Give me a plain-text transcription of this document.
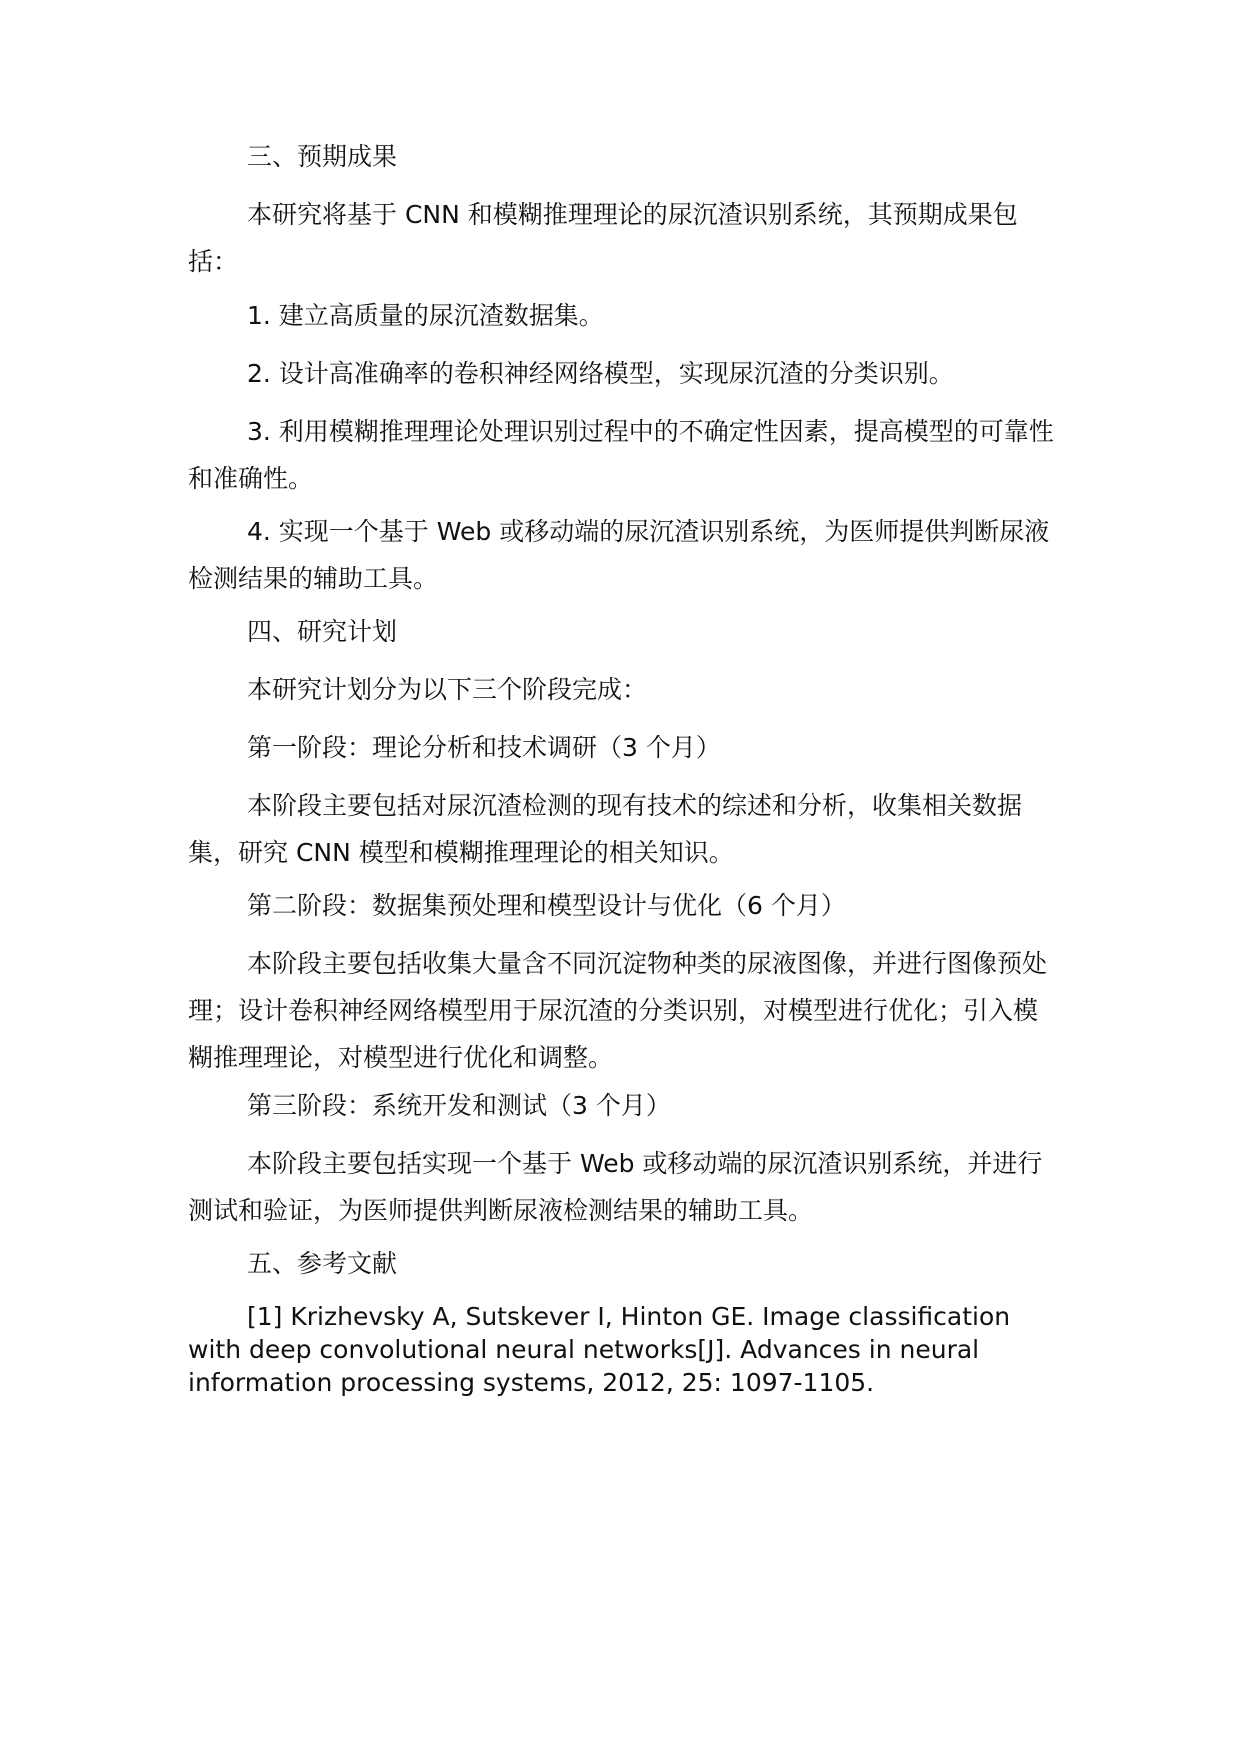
三、预期成果

本研究将基于 CNN 和模糊推理理论的尿沉渣识别系统，其预期成果包括：

1. 建立高质量的尿沉渣数据集。

2. 设计高准确率的卷积神经网络模型，实现尿沉渣的分类识别。

3. 利用模糊推理理论处理识别过程中的不确定性因素，提高模型的可靠性和准确性。

4. 实现一个基于 Web 或移动端的尿沉渣识别系统，为医师提供判断尿液检测结果的辅助工具。

四、研究计划

本研究计划分为以下三个阶段完成：

第一阶段：理论分析和技术调研（3 个月）

本阶段主要包括对尿沉渣检测的现有技术的综述和分析，收集相关数据集，研究 CNN 模型和模糊推理理论的相关知识。

第二阶段：数据集预处理和模型设计与优化（6 个月）

本阶段主要包括收集大量含不同沉淀物种类的尿液图像，并进行图像预处理；设计卷积神经网络模型用于尿沉渣的分类识别，对模型进行优化；引入模糊推理理论，对模型进行优化和调整。

第三阶段：系统开发和测试（3 个月）

本阶段主要包括实现一个基于 Web 或移动端的尿沉渣识别系统，并进行测试和验证，为医师提供判断尿液检测结果的辅助工具。

五、参考文献

[1] Krizhevsky A, Sutskever I, Hinton GE. Image classification with deep convolutional neural networks[J]. Advances in neural information processing systems, 2012, 25: 1097-1105.
